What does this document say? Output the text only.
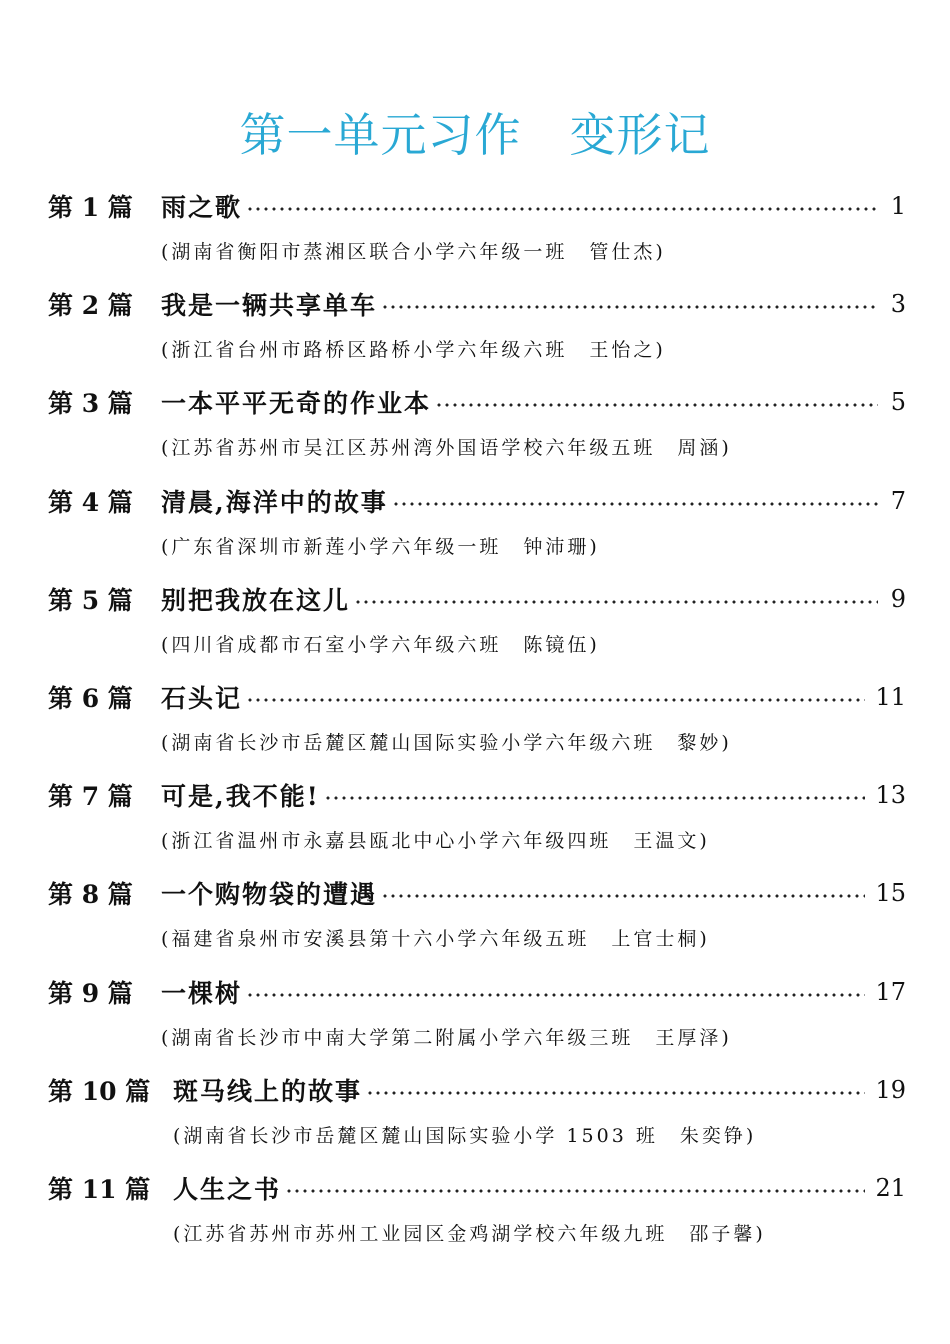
第一单元习作 变形记
第 1 篇	雨之歌	1
(湖南省衡阳市蒸湘区联合小学六年级一班 管仕杰)
第 2 篇	我是一辆共享单车	3
(浙江省台州市路桥区路桥小学六年级六班 王怡之)
第 3 篇	一本平平无奇的作业本	5
(江苏省苏州市吴江区苏州湾外国语学校六年级五班 周涵)
第 4 篇	清晨,海洋中的故事	7
(广东省深圳市新莲小学六年级一班 钟沛珊)
第 5 篇	别把我放在这儿	9
(四川省成都市石室小学六年级六班 陈镜伍)
第 6 篇	石头记	11
(湖南省长沙市岳麓区麓山国际实验小学六年级六班 黎妙)
第 7 篇	可是,我不能!	13
(浙江省温州市永嘉县瓯北中心小学六年级四班 王温文)
第 8 篇	一个购物袋的遭遇	15
(福建省泉州市安溪县第十六小学六年级五班 上官士桐)
第 9 篇	一棵树	17
(湖南省长沙市中南大学第二附属小学六年级三班 王厚泽)
第 10 篇 斑马线上的故事	19
(湖南省长沙市岳麓区麓山国际实验小学 1503 班 朱奕铮)
第 11 篇 人生之书	21
(江苏省苏州市苏州工业园区金鸡湖学校六年级九班 邵子馨)
